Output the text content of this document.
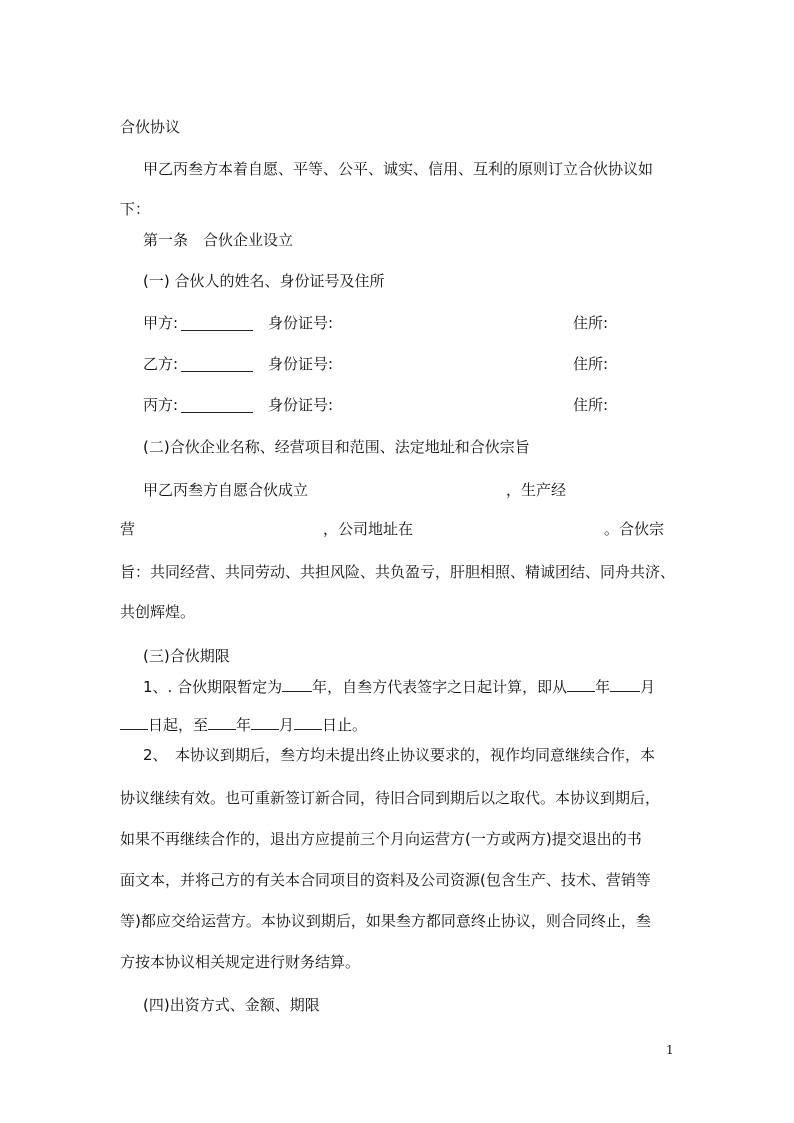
合伙协议
甲乙丙叁方本着自愿、平等、公平、诚实、信用、互利的原则订立合伙协议如
下：
第一条　合伙企业设立
(一) 合伙人的姓名、身份证号及住所
甲方:	身份证号:	住所:
乙方:	身份证号:	住所:
丙方:	身份证号:	住所:
(二)合伙企业名称、经营项目和范围、法定地址和合伙宗旨
甲乙丙叁方自愿合伙成立	，生产经
营	，公司地址在	。合伙宗
旨：共同经营、共同劳动、共担风险、共负盈亏，肝胆相照、精诚团结、同舟共济、
共创辉煌。
(三)合伙期限
1、. 合伙期限暂定为 年，自叁方代表签字之日起计算，即从 年 月
日起，至 年 月 日止。
2、　本协议到期后，叁方均未提出终止协议要求的，视作均同意继续合作，本
协议继续有效。也可重新签订新合同，待旧合同到期后以之取代。本协议到期后，
如果不再继续合作的，退出方应提前三个月向运营方(一方或两方)提交退出的书
面文本，并将己方的有关本合同项目的资料及公司资源(包含生产、技术、营销等
等)都应交给运营方。本协议到期后，如果叁方都同意终止协议，则合同终止，叁
方按本协议相关规定进行财务结算。
(四)出资方式、金额、期限
1
